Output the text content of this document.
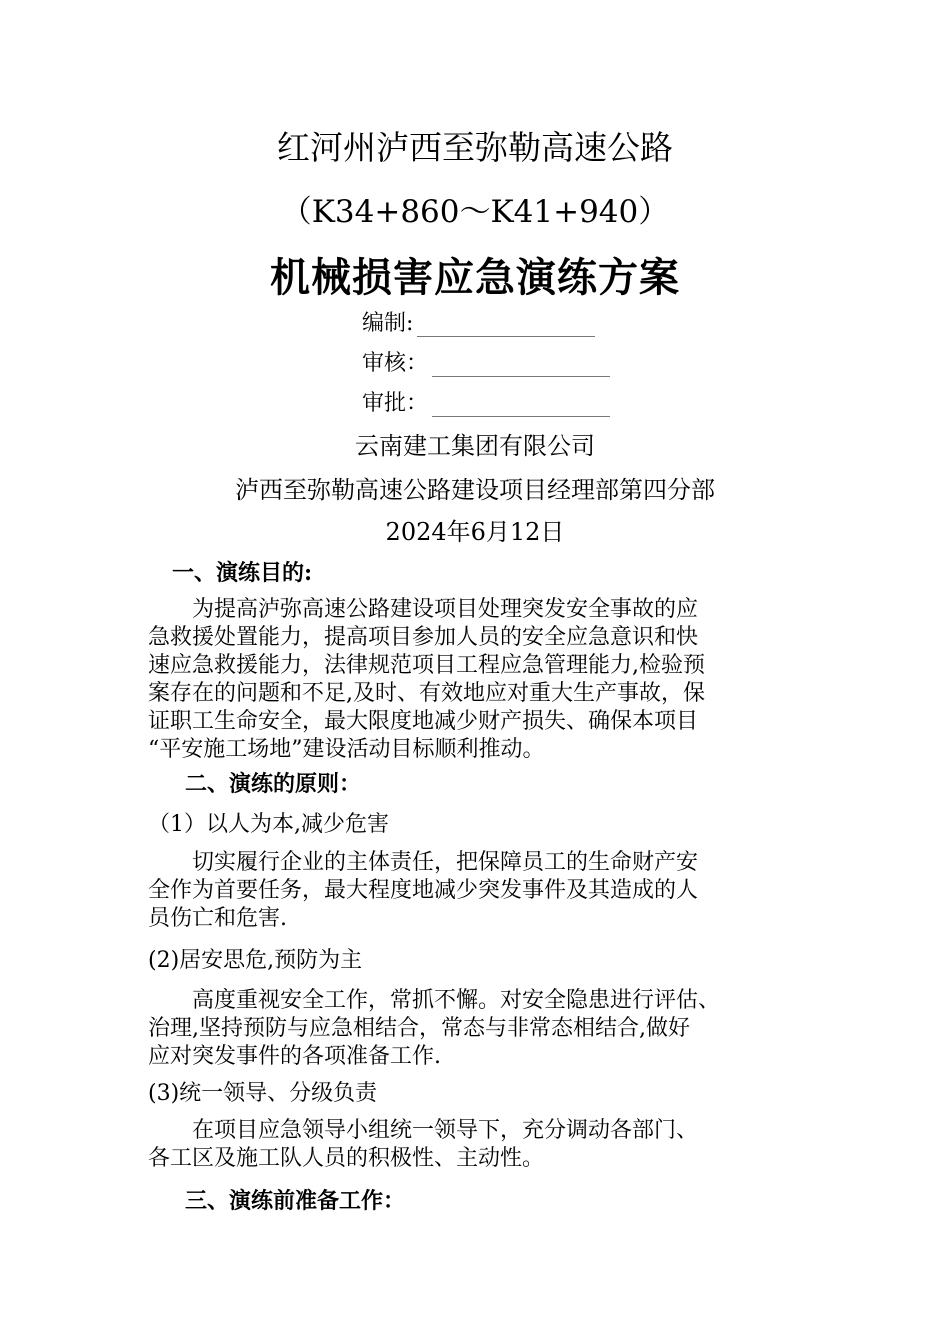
红河州泸西至弥勒高速公路
（K34+860～K41+940）
机械损害应急演练方案
编制:
审核：
审批：
云南建工集团有限公司
泸西至弥勒高速公路建设项目经理部第四分部
2024年6月12日
一、演练目的:

　　为提高泸弥高速公路建设项目处理突发安全事故的应

急救援处置能力，提高项目参加人员的安全应急意识和快

速应急救援能力，法律规范项目工程应急管理能力,检验预

案存在的问题和不足,及时、有效地应对重大生产事故，保

证职工生命安全，最大限度地减少财产损失、确保本项目

“平安施工场地”建设活动目标顺利推动。

二、演练的原则：
（1）以人为本,减少危害

　　切实履行企业的主体责任，把保障员工的生命财产安

全作为首要任务，最大程度地减少突发事件及其造成的人

员伤亡和危害.

(2)居安思危,预防为主

　　高度重视安全工作，常抓不懈。对安全隐患进行评估、

治理,坚持预防与应急相结合，常态与非常态相结合,做好

应对突发事件的各项准备工作.

(3)统一领导、分级负责

　　在项目应急领导小组统一领导下，充分调动各部门、

各工区及施工队人员的积极性、主动性。

三、演练前准备工作：
